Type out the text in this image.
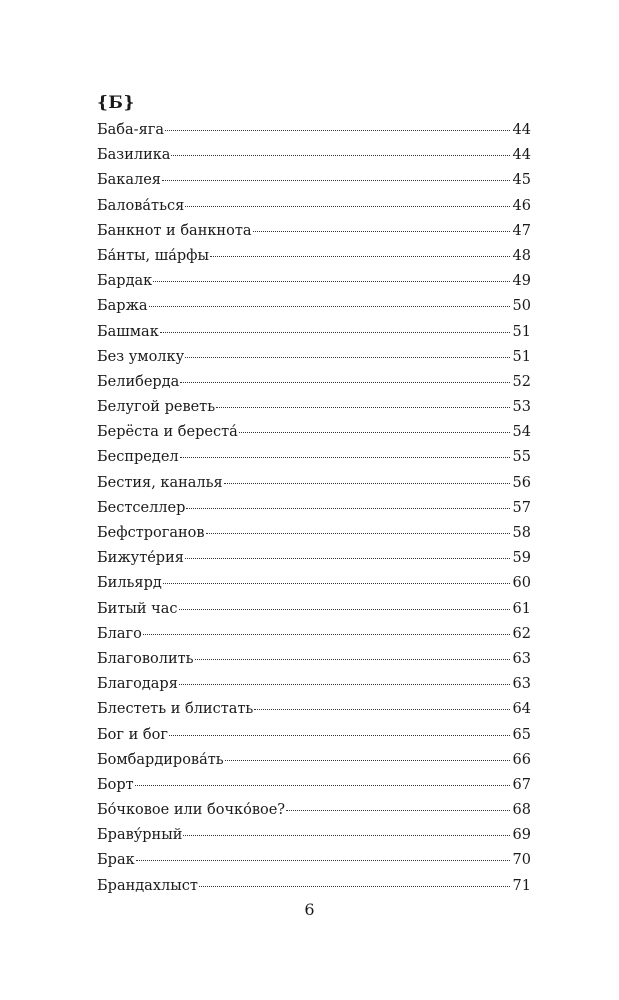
{Б}
Баба-яга	44
Базилика	44
Бакалея	45
Балова́ться	46
Банкнот и банкнота	47
Ба́нты, ша́рфы	48
Бардак	49
Баржа	50
Башмак	51
Без умолку	51
Белиберда	52
Белугой реветь	53
Берёста и береста́	54
Беспредел	55
Бестия, каналья	56
Бестселлер	57
Бефстроганов	58
Бижуте́рия	59
Бильярд	60
Битый час	61
Благо	62
Благоволить	63
Благодаря	63
Блестеть и блистать	64
Бог и бог	65
Бомбардирова́ть	66
Борт	67
Бо́чковое или бочко́вое?	68
Браву́рный	69
Брак	70
Брандахлыст	71
6
